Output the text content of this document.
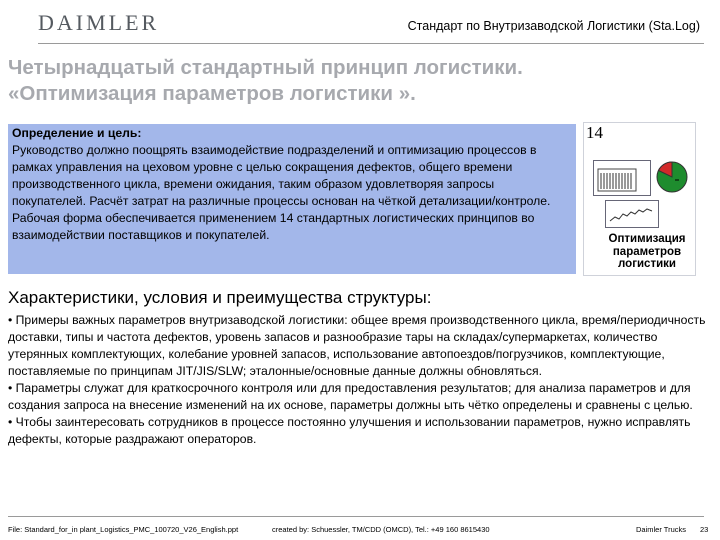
DAIMLER	Стандарт по Внутризаводской Логистики (Sta.Log)
Четырнадцатый стандартный принцип логистики.
«Оптимизация параметров логистики ».
Определение и цель:
Руководство должно поощрять взаимодействие подразделений и оптимизацию процессов в рамках управления на цеховом уровне с целью сокращения дефектов, общего времени производственного цикла, времени ожидания, таким образом удовлетворяя запросы покупателей. Расчёт затрат на различные процессы основан на чёткой детализации/контроле. Рабочая форма обеспечивается применением 14 стандартных логистических принципов во взаимодействии поставщиков и покупателей.
14
Оптимизация
параметров
логистики
Характеристики, условия и преимущества структуры:

• Примеры важных параметров внутризаводской логистики: общее время производственного цикла, время/периодичность доставки, типы и частота дефектов, уровень запасов и разнообразие тары на складах/супермаркетах, количество утерянных комплектующих, колебание уровней запасов, использование автопоездов/погрузчиков, комплектующие, поставляемые по принципам JIT/JIS/SLW; эталонные/основные данные должны обновляться.

• Параметры служат для краткосрочного контроля или для предоставления результатов; для анализа параметров и для создания запроса на внесение изменений на их основе, параметры должны ыть чётко определены и сравнены с целью.

• Чтобы заинтересовать сотрудников в процессе постоянно улучшения и использовании параметров, нужно исправлять дефекты, которые раздражают операторов.

File: Standard_for_in plant_Logistics_PMC_100720_V26_English.ppt	created by: Schuessler, TM/CDD (OMCD), Tel.: +49 160 8615430	Daimler Trucks 23
